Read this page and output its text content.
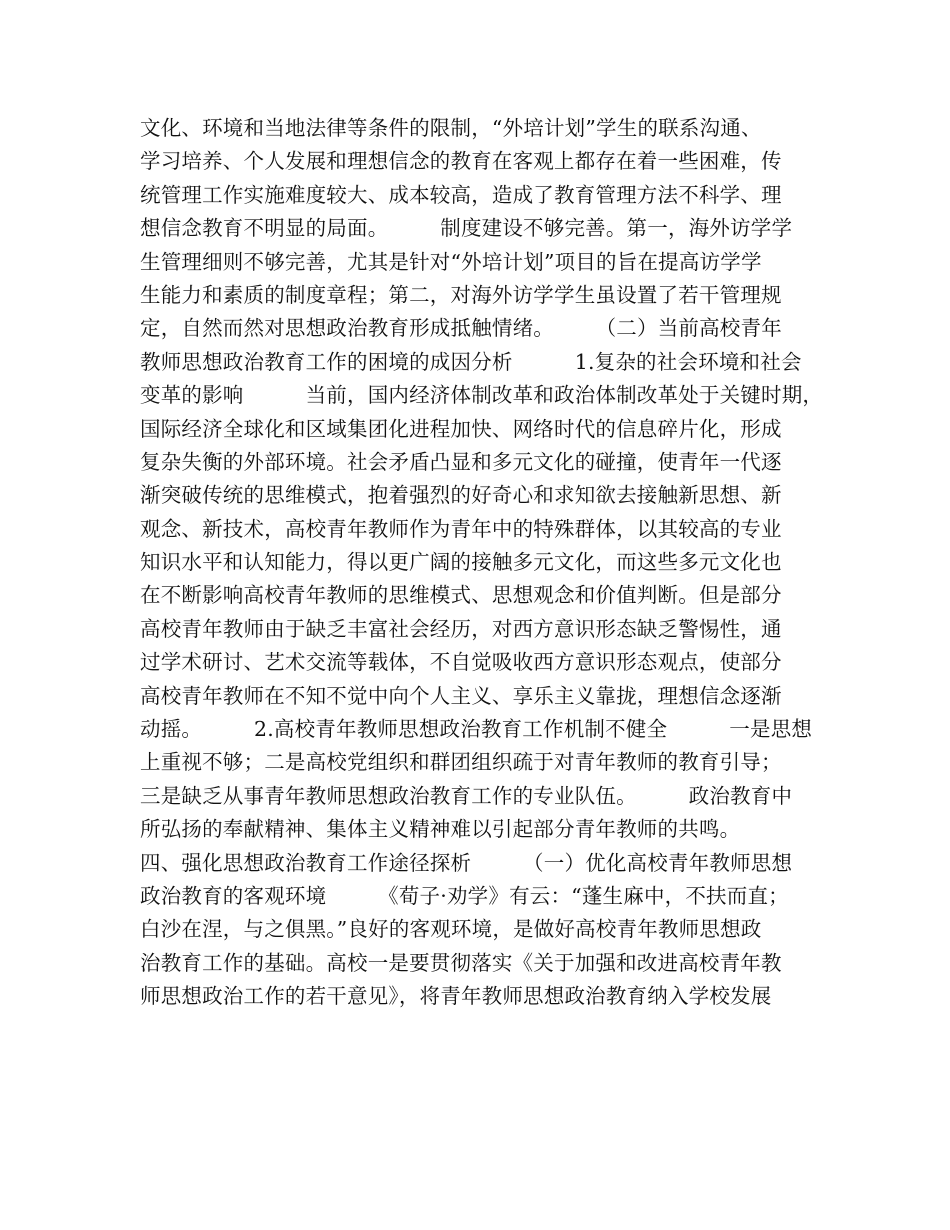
文化、环境和当地法律等条件的限制，“外培计划”学生的联系沟通、
学习培养、个人发展和理想信念的教育在客观上都存在着一些困难，传
统管理工作实施难度较大、成本较高，造成了教育管理方法不科学、理
想信念教育不明显的局面。　　　制度建设不够完善。第一，海外访学学
生管理细则不够完善，尤其是针对“外培计划”项目的旨在提高访学学
生能力和素质的制度章程；第二，对海外访学学生虽设置了若干管理规
定，自然而然对思想政治教育形成抵触情绪。　　　（二）当前高校青年
教师思想政治教育工作的困境的成因分析　　　1.复杂的社会环境和社会
变革的影响　　　当前，国内经济体制改革和政治体制改革处于关键时期，
国际经济全球化和区域集团化进程加快、网络时代的信息碎片化，形成
复杂失衡的外部环境。社会矛盾凸显和多元文化的碰撞，使青年一代逐
渐突破传统的思维模式，抱着强烈的好奇心和求知欲去接触新思想、新
观念、新技术，高校青年教师作为青年中的特殊群体，以其较高的专业
知识水平和认知能力，得以更广阔的接触多元文化，而这些多元文化也
在不断影响高校青年教师的思维模式、思想观念和价值判断。但是部分
高校青年教师由于缺乏丰富社会经历，对西方意识形态缺乏警惕性，通
过学术研讨、艺术交流等载体，不自觉吸收西方意识形态观点，使部分
高校青年教师在不知不觉中向个人主义、享乐主义靠拢，理想信念逐渐
动摇。　　　2.高校青年教师思想政治教育工作机制不健全　　　一是思想
上重视不够；二是高校党组织和群团组织疏于对青年教师的教育引导；
三是缺乏从事青年教师思想政治教育工作的专业队伍。　　　政治教育中
所弘扬的奉献精神、集体主义精神难以引起部分青年教师的共鸣。
四、强化思想政治教育工作途径探析　　　（一）优化高校青年教师思想
政治教育的客观环境　　　《荀子·劝学》有云：“蓬生麻中，不扶而直；
白沙在涅，与之俱黑。”良好的客观环境，是做好高校青年教师思想政
治教育工作的基础。高校一是要贯彻落实《关于加强和改进高校青年教
师思想政治工作的若干意见》，将青年教师思想政治教育纳入学校发展
